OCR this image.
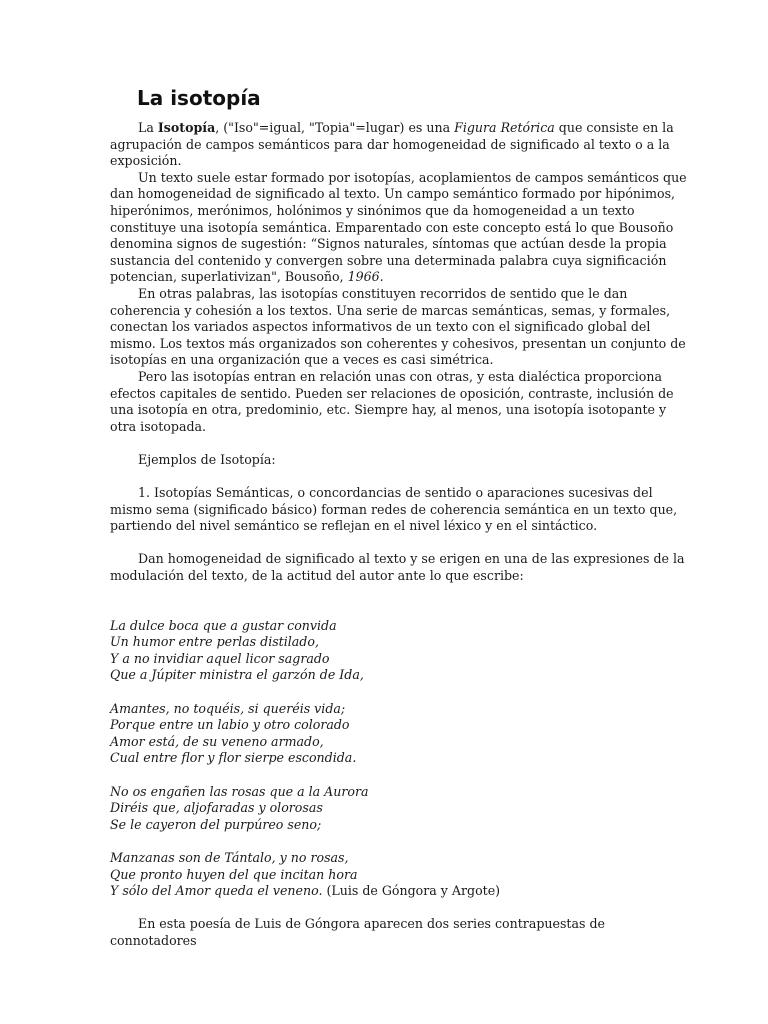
La isotopía

La Isotopía, ("Iso"=igual, "Topia"=lugar) es una Figura Retórica que consiste en la agrupación de campos semánticos para dar homogeneidad de significado al texto o a la exposición.

Un texto suele estar formado por isotopías, acoplamientos de campos semánticos que dan homogeneidad de significado al texto. Un campo semántico formado por hipónimos, hiperónimos, merónimos, holónimos y sinónimos que da homogeneidad a un texto constituye una isotopía semántica. Emparentado con este concepto está lo que Bousoño denomina signos de sugestión: “Signos naturales, síntomas que actúan desde la propia sustancia del contenido y convergen sobre una determinada palabra cuya significación potencian, superlativizan", Bousoño, 1966.

En otras palabras, las isotopías constituyen recorridos de sentido que le dan coherencia y cohesión a los textos. Una serie de marcas semánticas, semas, y formales, conectan los variados aspectos informativos de un texto con el significado global del mismo. Los textos más organizados son coherentes y cohesivos, presentan un conjunto de isotopías en una organización que a veces es casi simétrica.

Pero las isotopías entran en relación unas con otras, y esta dialéctica proporciona efectos capitales de sentido. Pueden ser relaciones de oposición, contraste, inclusión de una isotopía en otra, predominio, etc. Siempre hay, al menos, una isotopía isotopante y otra isotopada.

Ejemplos de Isotopía:

1. Isotopías Semánticas, o concordancias de sentido o aparaciones sucesivas del mismo sema (significado básico) forman redes de coherencia semántica en un texto que, partiendo del nivel semántico se reflejan en el nivel léxico y en el sintáctico.

Dan homogeneidad de significado al texto y se erigen en una de las expresiones de la modulación del texto, de la actitud del autor ante lo que escribe:

La dulce boca que a gustar convida
Un humor entre perlas distilado,
Y a no invidiar aquel licor sagrado
Que a Júpiter ministra el garzón de Ida,
Amantes, no toquéis, si queréis vida;
Porque entre un labio y otro colorado
Amor está, de su veneno armado,
Cual entre flor y flor sierpe escondida.
No os engañen las rosas que a la Aurora
Diréis que, aljofaradas y olorosas
Se le cayeron del purpúreo seno;
Manzanas son de Tántalo, y no rosas,
Que pronto huyen del que incitan hora
Y sólo del Amor queda el veneno. (Luis de Góngora y Argote)

En esta poesía de Luis de Góngora aparecen dos series contrapuestas de connotadores
